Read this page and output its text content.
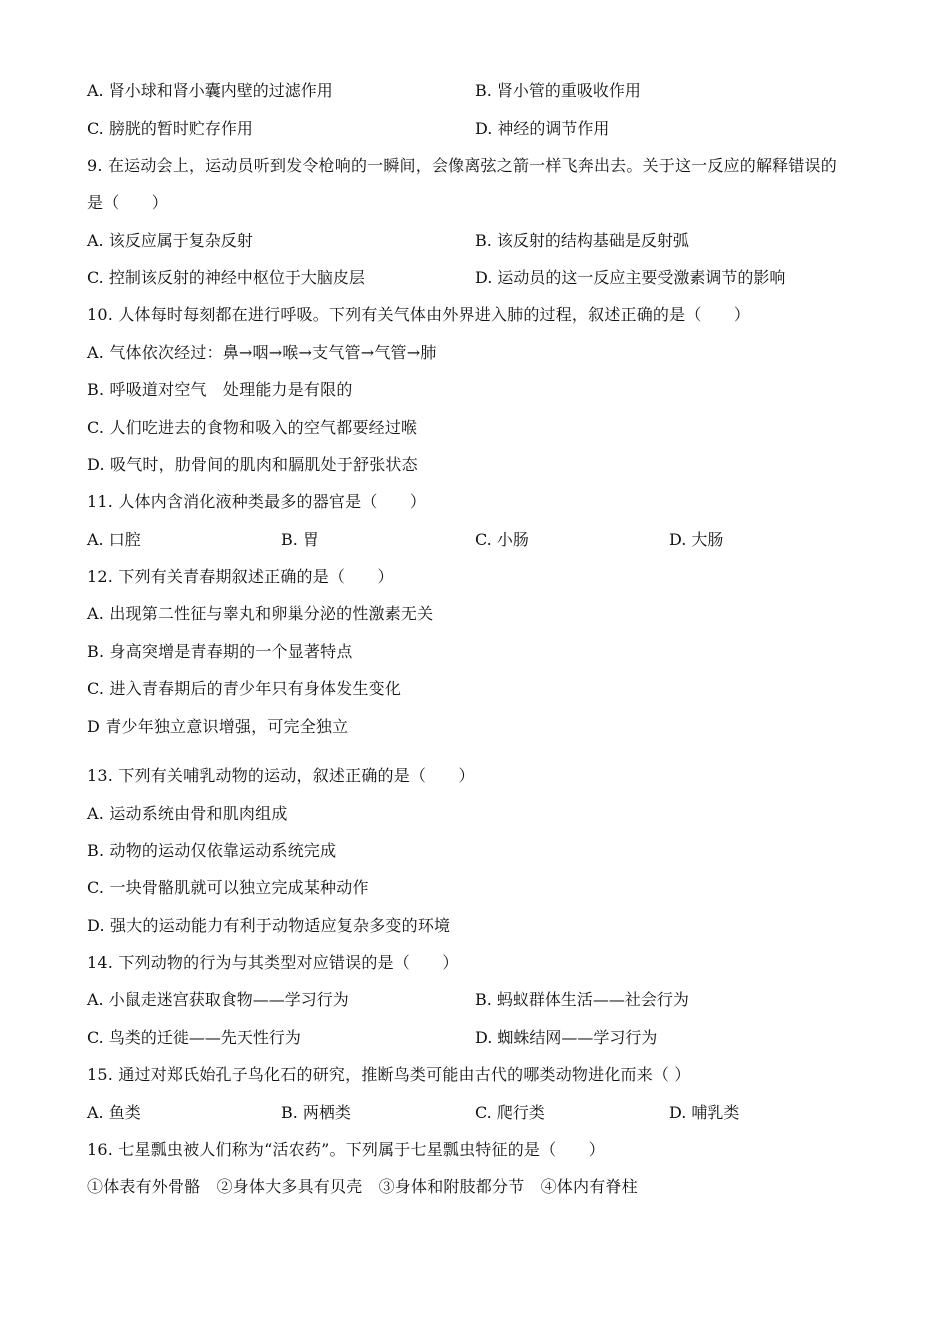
A. 肾小球和肾小囊内壁的过滤作用	B. 肾小管的重吸收作用
C. 膀胱的暂时贮存作用	D. 神经的调节作用
9. 在运动会上，运动员听到发令枪响的一瞬间，会像离弦之箭一样飞奔出去。关于这一反应的解释错误的
是（　　）
A. 该反应属于复杂反射	B. 该反射的结构基础是反射弧
C. 控制该反射的神经中枢位于大脑皮层	D. 运动员的这一反应主要受激素调节的影响
10. 人体每时每刻都在进行呼吸。下列有关气体由外界进入肺的过程，叙述正确的是（　　）
A. 气体依次经过：鼻→咽→喉→支气管→气管→肺
B. 呼吸道对空气　处理能力是有限的
C. 人们吃进去的食物和吸入的空气都要经过喉
D. 吸气时，肋骨间的肌肉和膈肌处于舒张状态
11. 人体内含消化液种类最多的器官是（　　）
A. 口腔	B. 胃	C. 小肠	D. 大肠
12. 下列有关青春期叙述正确的是（　　）
A. 出现第二性征与睾丸和卵巢分泌的性激素无关
B. 身高突增是青春期的一个显著特点
C. 进入青春期后的青少年只有身体发生变化
D 青少年独立意识增强，可完全独立
13. 下列有关哺乳动物的运动，叙述正确的是（　　）
A. 运动系统由骨和肌肉组成
B. 动物的运动仅依靠运动系统完成
C. 一块骨骼肌就可以独立完成某种动作
D. 强大的运动能力有利于动物适应复杂多变的环境
14. 下列动物的行为与其类型对应错误的是（　　）
A. 小鼠走迷宫获取食物——学习行为	B. 蚂蚁群体生活——社会行为
C. 鸟类的迁徙——先天性行为	D. 蜘蛛结网——学习行为
15. 通过对郑氏始孔子鸟化石的研究，推断鸟类可能由古代的哪类动物进化而来（ ）
A. 鱼类	B. 两栖类	C. 爬行类	D. 哺乳类
16. 七星瓢虫被人们称为“活农药”。下列属于七星瓢虫特征的是（　　）
①体表有外骨骼　②身体大多具有贝壳　③身体和附肢都分节　④体内有脊柱
